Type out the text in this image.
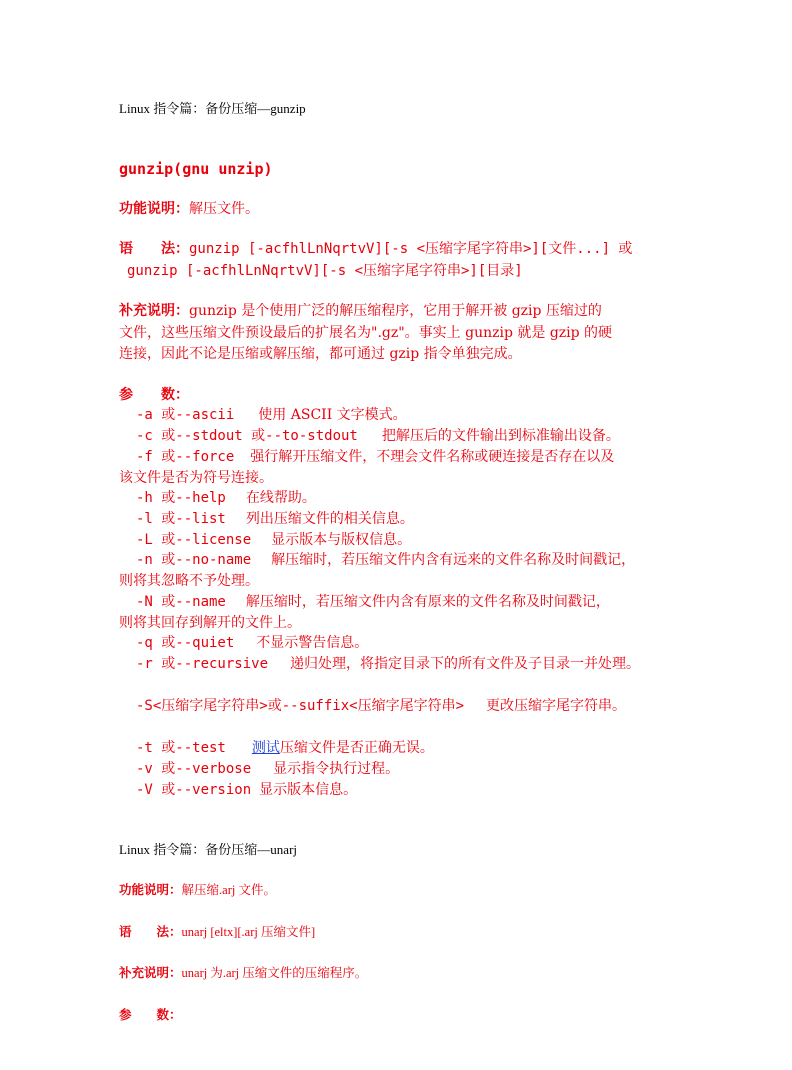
Linux 指令篇：备份压缩—gunzip
gunzip(gnu unzip)
功能说明：解压文件。
语　　法：gunzip [-acfhlLnNqrtvV][-s <压缩字尾字符串>][文件...] 或
gunzip [-acfhlLnNqrtvV][-s <压缩字尾字符串>][目录]
补充说明：gunzip 是个使用广泛的解压缩程序，它用于解开被 gzip 压缩过的
文件，这些压缩文件预设最后的扩展名为".gz"。事实上 gunzip 就是 gzip 的硬
连接，因此不论是压缩或解压缩，都可通过 gzip 指令单独完成。
参　　数：
-a 或--ascii 使用 ASCII 文字模式。
-c 或--stdout 或--to-stdout 把解压后的文件输出到标准输出设备。
-f 或--force 强行解开压缩文件，不理会文件名称或硬连接是否存在以及
该文件是否为符号连接。
-h 或--help 在线帮助。
-l 或--list 列出压缩文件的相关信息。
-L 或--license 显示版本与版权信息。
-n 或--no-name 解压缩时，若压缩文件内含有远来的文件名称及时间戳记，
则将其忽略不予处理。
-N 或--name 解压缩时，若压缩文件内含有原来的文件名称及时间戳记，
则将其回存到解开的文件上。
-q 或--quiet 不显示警告信息。
-r 或--recursive 递归处理，将指定目录下的所有文件及子目录一并处理。
-S<压缩字尾字符串>或--suffix<压缩字尾字符串> 更改压缩字尾字符串。
-t 或--test 测试压缩文件是否正确无误。
-v 或--verbose 显示指令执行过程。
-V 或--version 显示版本信息。
Linux 指令篇：备份压缩—unarj
功能说明：解压缩.arj 文件。
语　　法：unarj [eltx][.arj 压缩文件]
补充说明：unarj 为.arj 压缩文件的压缩程序。
参　　数：
